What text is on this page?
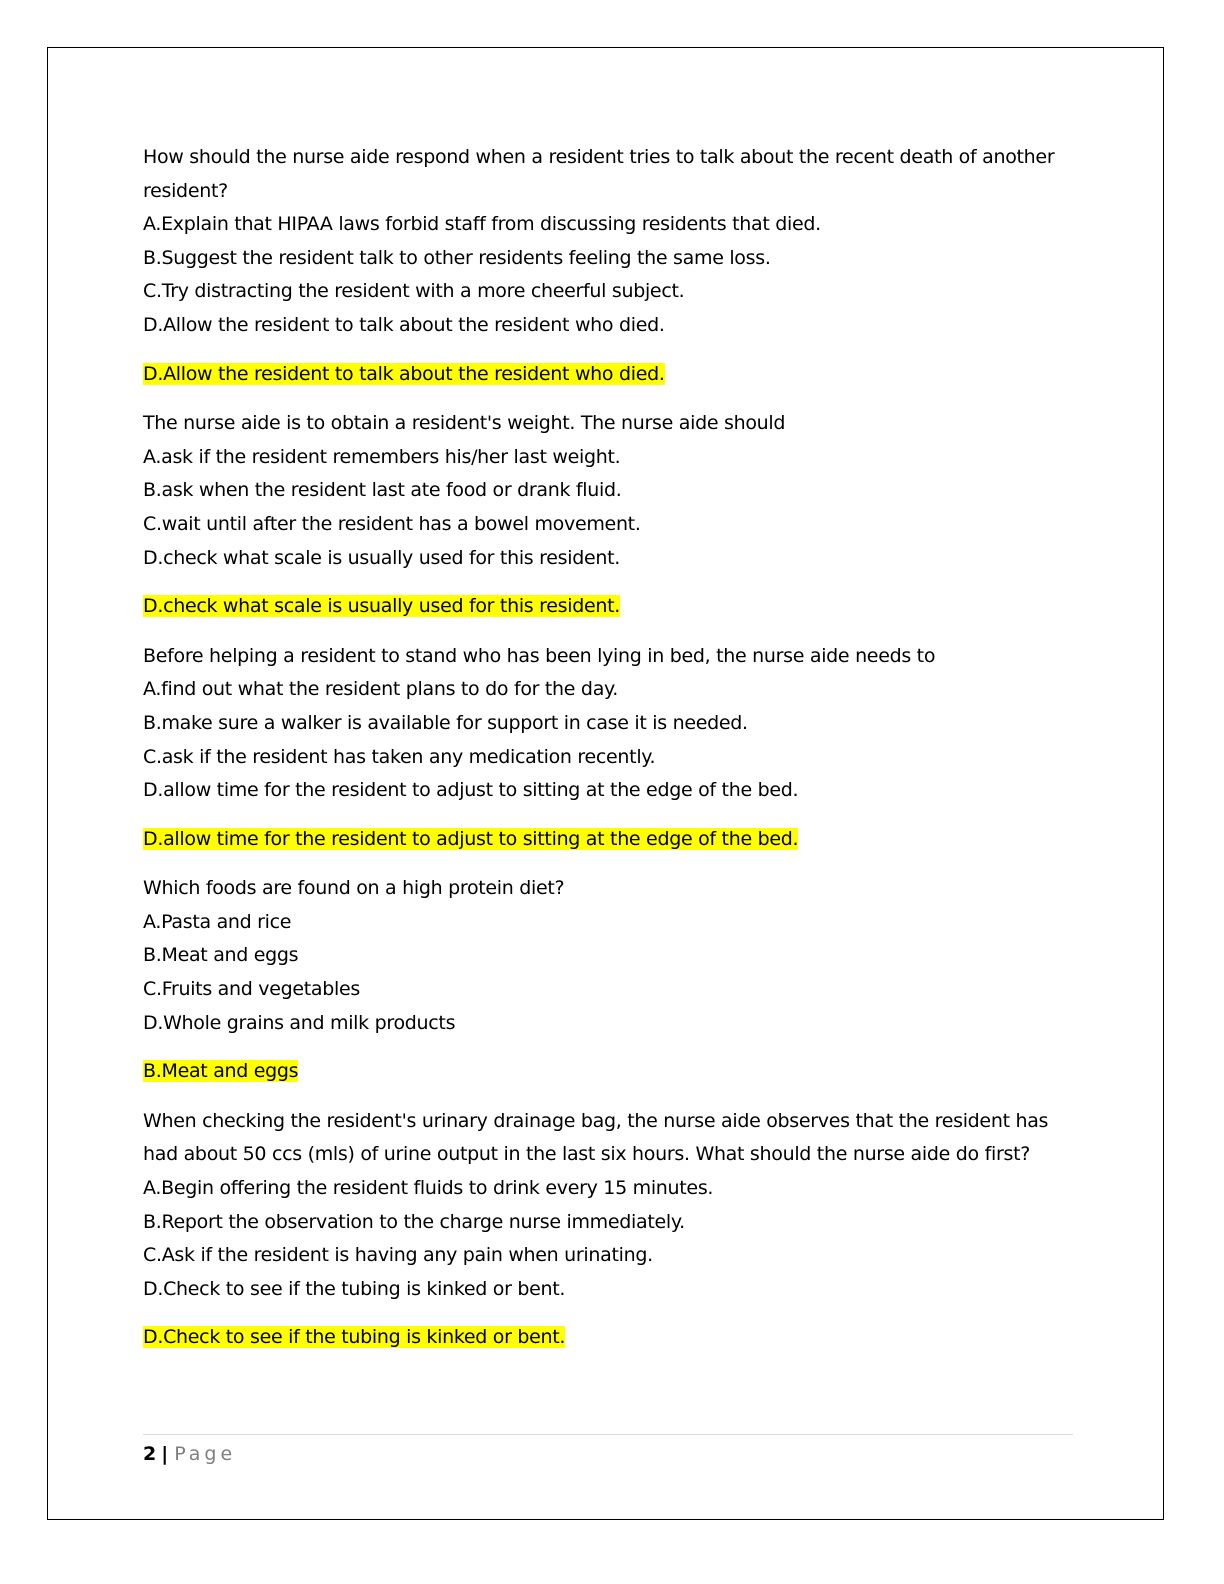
How should the nurse aide respond when a resident tries to talk about the recent death of another resident?

A.Explain that HIPAA laws forbid staff from discussing residents that died.

B.Suggest the resident talk to other residents feeling the same loss.

C.Try distracting the resident with a more cheerful subject.

D.Allow the resident to talk about the resident who died.

D.Allow the resident to talk about the resident who died.

The nurse aide is to obtain a resident's weight. The nurse aide should

A.ask if the resident remembers his/her last weight.

B.ask when the resident last ate food or drank fluid.

C.wait until after the resident has a bowel movement.

D.check what scale is usually used for this resident.

D.check what scale is usually used for this resident.

Before helping a resident to stand who has been lying in bed, the nurse aide needs to

A.find out what the resident plans to do for the day.

B.make sure a walker is available for support in case it is needed.

C.ask if the resident has taken any medication recently.

D.allow time for the resident to adjust to sitting at the edge of the bed.

D.allow time for the resident to adjust to sitting at the edge of the bed.

Which foods are found on a high protein diet?

A.Pasta and rice

B.Meat and eggs

C.Fruits and vegetables

D.Whole grains and milk products

B.Meat and eggs

When checking the resident's urinary drainage bag, the nurse aide observes that the resident has had about 50 ccs (mls) of urine output in the last six hours. What should the nurse aide do first?

A.Begin offering the resident fluids to drink every 15 minutes.

B.Report the observation to the charge nurse immediately.

C.Ask if the resident is having any pain when urinating.

D.Check to see if the tubing is kinked or bent.

D.Check to see if the tubing is kinked or bent.

2 | Page
